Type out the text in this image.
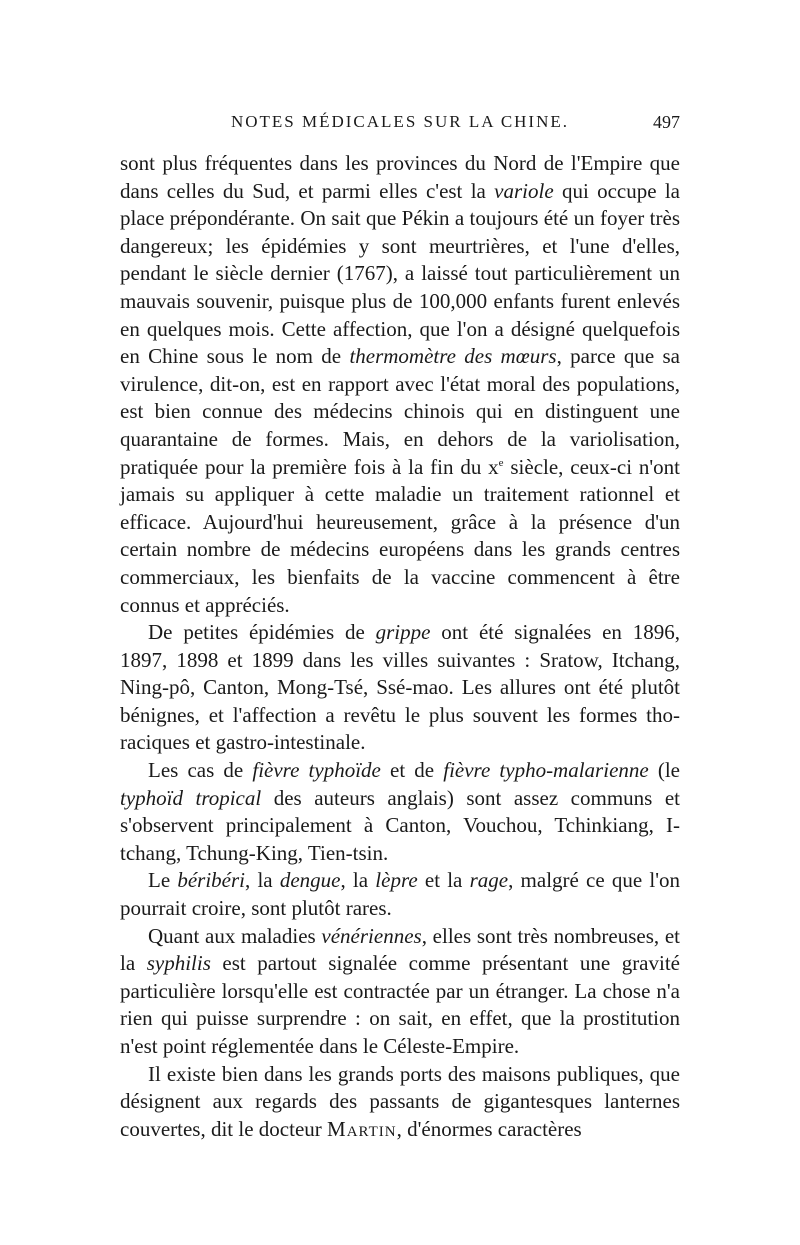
NOTES MÉDICALES SUR LA CHINE.	497

sont plus fréquentes dans les provinces du Nord de l'Empire que dans celles du Sud, et parmi elles c'est la variole qui occupe la place prépondérante. On sait que Pékin a toujours été un foyer très dangereux; les épidémies y sont meurtrières, et l'une d'elles, pendant le siècle dernier (1767), a laissé tout particulièrement un mauvais souvenir, puisque plus de 100,000 enfants furent enlevés en quelques mois. Cette affection, que l'on a désigné quelquefois en Chine sous le nom de thermomètre des mœurs, parce que sa virulence, dit-on, est en rapport avec l'état moral des populations, est bien connue des médecins chinois qui en distinguent une quarantaine de formes. Mais, en dehors de la variolisation, pratiquée pour la première fois à la fin du $x^e$ siècle, ceux-ci n'ont jamais su appliquer à cette maladie un traitement rationnel et efficace. Aujourd'hui heureusement, grâce à la présence d'un certain nombre de médecins européens dans les grands centres commerciaux, les bienfaits de la vaccine commencent à être connus et appréciés.

De petites épidémies de grippe ont été signalées en 1896, 1897, 1898 et 1899 dans les villes suivantes : Sratow, Itchang, Ning-pô, Canton, Mong-Tsé, Ssé-mao. Les allures ont été plutôt bénignes, et l'affection a revêtu le plus souvent les formes thoraciques et gastro-intestinale.

Les cas de fièvre typhoïde et de fièvre typho-malarienne (le typhoïd tropical des auteurs anglais) sont assez communs et s'observent principalement à Canton, Vouchou, Tchinkiang, I-tchang, Tchung-King, Tien-tsin.

Le béribéri, la dengue, la lèpre et la rage, malgré ce que l'on pourrait croire, sont plutôt rares.

Quant aux maladies vénériennes, elles sont très nombreuses, et la syphilis est partout signalée comme présentant une gravité particulière lorsqu'elle est contractée par un étranger. La chose n'a rien qui puisse surprendre : on sait, en effet, que la prostitution n'est point réglementée dans le Céleste-Empire.

Il existe bien dans les grands ports des maisons publiques, que désignent aux regards des passants de gigantesques lanternes couvertes, dit le docteur Martin, d'énormes caractères
